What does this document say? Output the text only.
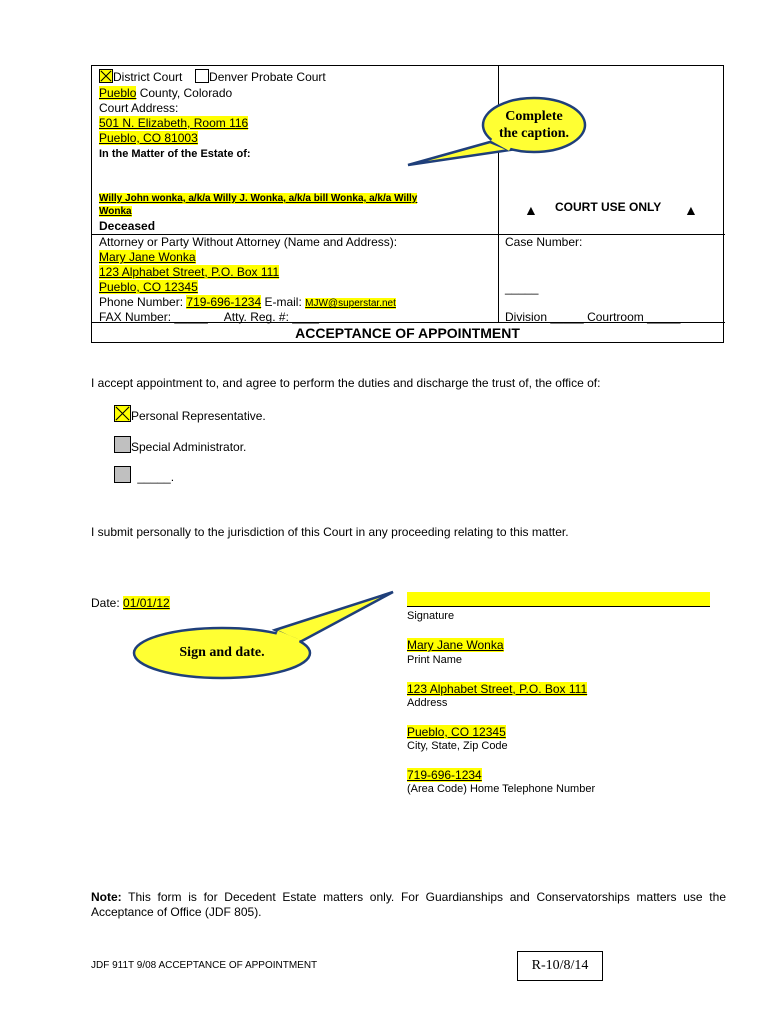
District Court Denver Probate Court
Pueblo County, Colorado
Court Address:
501 N. Elizabeth, Room 116
Pueblo, CO 81003
In the Matter of the Estate of:
Willy John wonka, a/k/a Willy J. Wonka, a/k/a bill Wonka, a/k/a Willy
Wonka
Deceased
▲ COURT USE ONLY ▲
Attorney or Party Without Attorney (Name and Address):
Mary Jane Wonka
123 Alphabet Street, P.O. Box 111
Pueblo, CO 12345
Phone Number: 719-696-1234 E-mail: MJW@superstar.net
FAX Number: _____ Atty. Reg. #: ____
Case Number:
_____
Division _____ Courtroom _____
ACCEPTANCE OF APPOINTMENT
Complete
the caption.
I accept appointment to, and agree to perform the duties and discharge the trust of, the office of:
Personal Representative.
Special Administrator.
_____.
I submit personally to the jurisdiction of this Court in any proceeding relating to this matter.
Date: 01/01/12
Signature
Mary Jane Wonka
Print Name
123 Alphabet Street, P.O. Box 111
Address
Pueblo, CO 12345
City, State, Zip Code
719-696-1234
(Area Code) Home Telephone Number
Sign and date.
Note: This form is for Decedent Estate matters only. For Guardianships and Conservatorships matters use the Acceptance of Office (JDF 805).
JDF 911T 9/08 ACCEPTANCE OF APPOINTMENT	R-10/8/14
